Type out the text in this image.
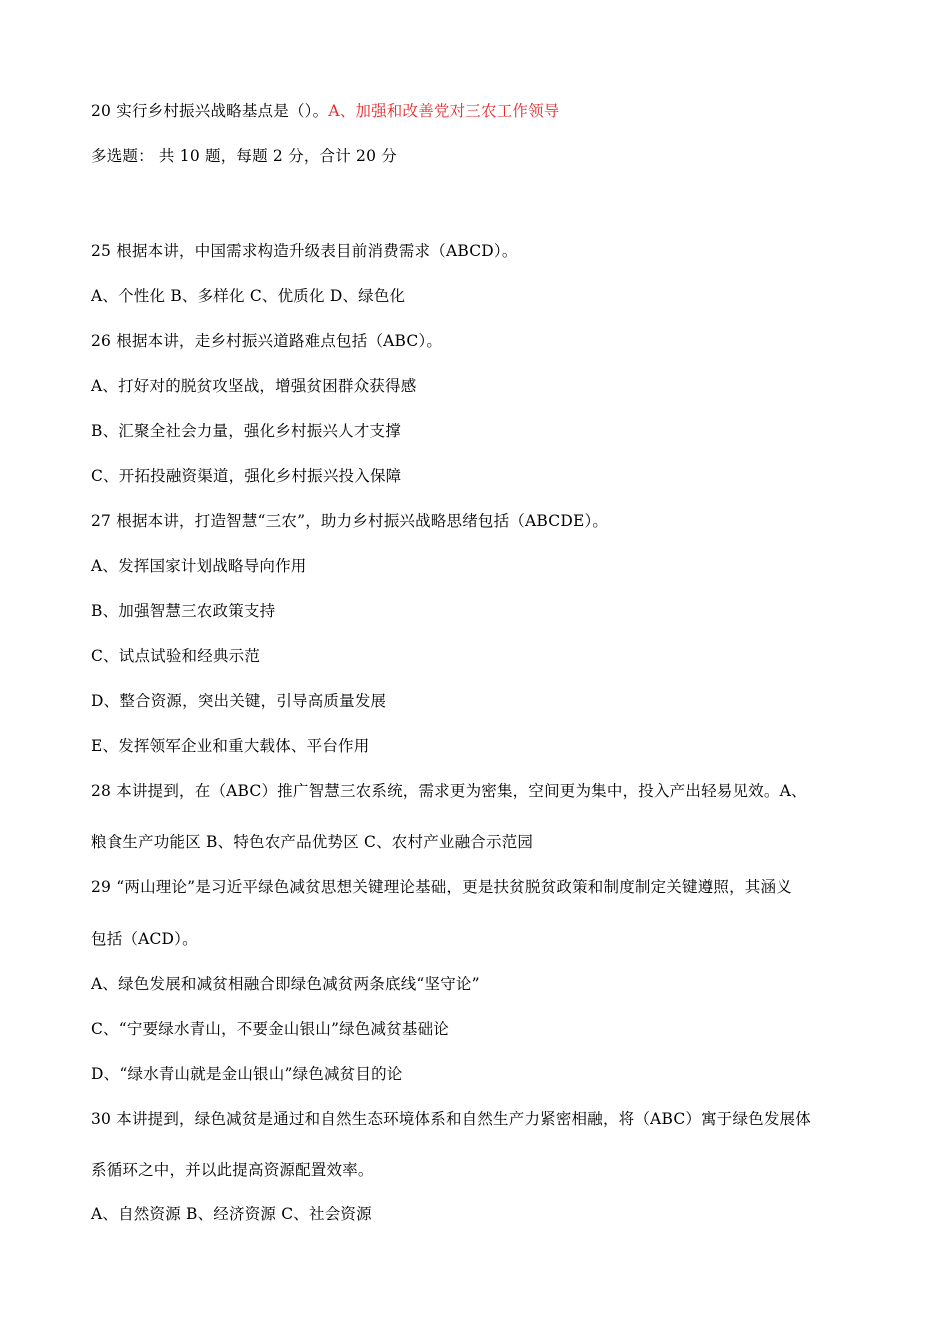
20 实行乡村振兴战略基点是（）。A、加强和改善党对三农工作领导
多选题： 共 10 题，每题 2 分，合计 20 分
25 根据本讲，中国需求构造升级表目前消费需求（ABCD）。
A、个性化 B、多样化 C、优质化 D、绿色化
26 根据本讲，走乡村振兴道路难点包括（ABC）。
A、打好对的脱贫攻坚战，增强贫困群众获得感
B、汇聚全社会力量，强化乡村振兴人才支撑
C、开拓投融资渠道，强化乡村振兴投入保障
27 根据本讲，打造智慧“三农”，助力乡村振兴战略思绪包括（ABCDE）。
A、发挥国家计划战略导向作用
B、加强智慧三农政策支持
C、试点试验和经典示范
D、整合资源，突出关键，引导高质量发展
E、发挥领军企业和重大载体、平台作用
28 本讲提到，在（ABC）推广智慧三农系统，需求更为密集，空间更为集中，投入产出轻易见效。A、
粮食生产功能区 B、特色农产品优势区 C、农村产业融合示范园
29 “两山理论”是习近平绿色减贫思想关键理论基础，更是扶贫脱贫政策和制度制定关键遵照，其涵义
包括（ACD）。
A、绿色发展和减贫相融合即绿色减贫两条底线“坚守论”
C、“宁要绿水青山，不要金山银山”绿色减贫基础论
D、“绿水青山就是金山银山”绿色减贫目的论
30 本讲提到，绿色减贫是通过和自然生态环境体系和自然生产力紧密相融，将（ABC）寓于绿色发展体
系循环之中，并以此提高资源配置效率。
A、自然资源 B、经济资源 C、社会资源
